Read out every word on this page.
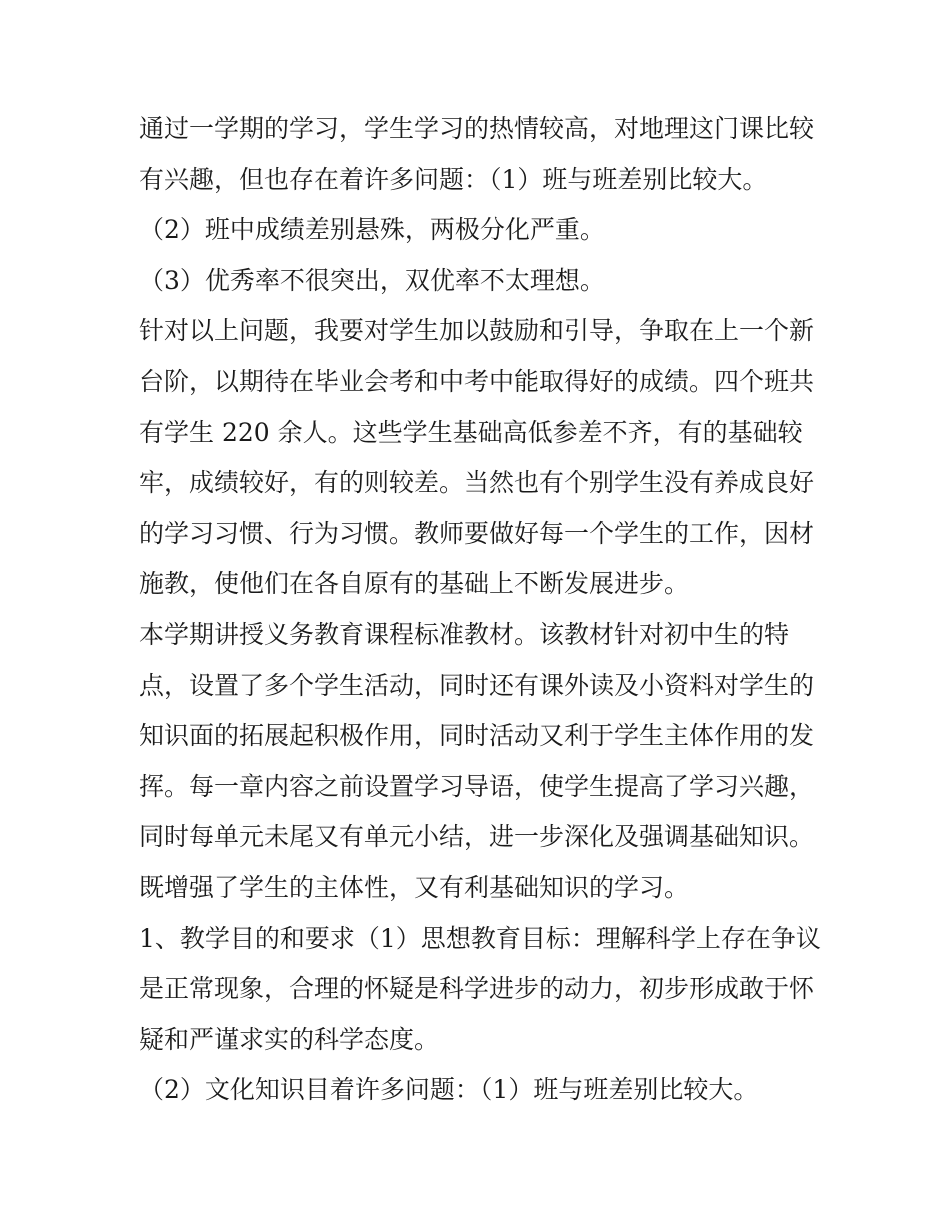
通过一学期的学习，学生学习的热情较高，对地理这门课比较
有兴趣，但也存在着许多问题：（1）班与班差别比较大。
（2）班中成绩差别悬殊，两极分化严重。
（3）优秀率不很突出，双优率不太理想。
针对以上问题，我要对学生加以鼓励和引导，争取在上一个新
台阶，以期待在毕业会考和中考中能取得好的成绩。四个班共
有学生 220 余人。这些学生基础高低参差不齐，有的基础较
牢，成绩较好，有的则较差。当然也有个别学生没有养成良好
的学习习惯、行为习惯。教师要做好每一个学生的工作，因材
施教，使他们在各自原有的基础上不断发展进步。
本学期讲授义务教育课程标准教材。该教材针对初中生的特
点，设置了多个学生活动，同时还有课外读及小资料对学生的
知识面的拓展起积极作用，同时活动又利于学生主体作用的发
挥。每一章内容之前设置学习导语，使学生提高了学习兴趣，
同时每单元未尾又有单元小结，进一步深化及强调基础知识。
既增强了学生的主体性，又有利基础知识的学习。
1、教学目的和要求（1）思想教育目标：理解科学上存在争议
是正常现象，合理的怀疑是科学进步的动力，初步形成敢于怀
疑和严谨求实的科学态度。
（2）文化知识目着许多问题：（1）班与班差别比较大。
